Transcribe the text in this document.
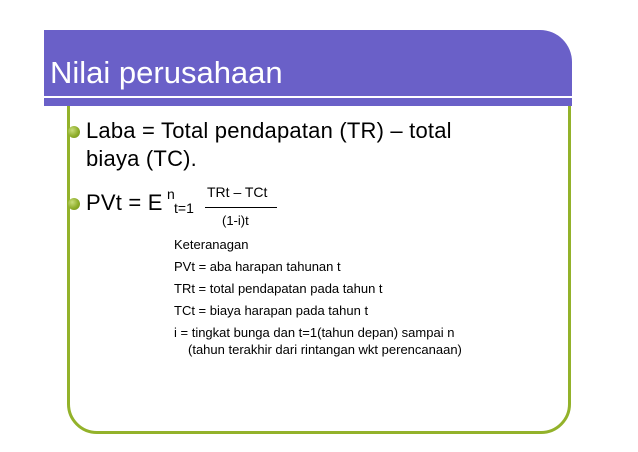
Nilai perusahaan
Laba = Total pendapatan (TR) – total
biaya (TC).
PVt = E n
t=1
TRt – TCt
(1-i)t
Keteranagan
PVt = aba harapan tahunan t
TRt = total pendapatan pada tahun t
TCt = biaya harapan pada tahun t
i = tingkat bunga dan t=1(tahun depan) sampai n
(tahun terakhir dari rintangan wkt perencanaan)
